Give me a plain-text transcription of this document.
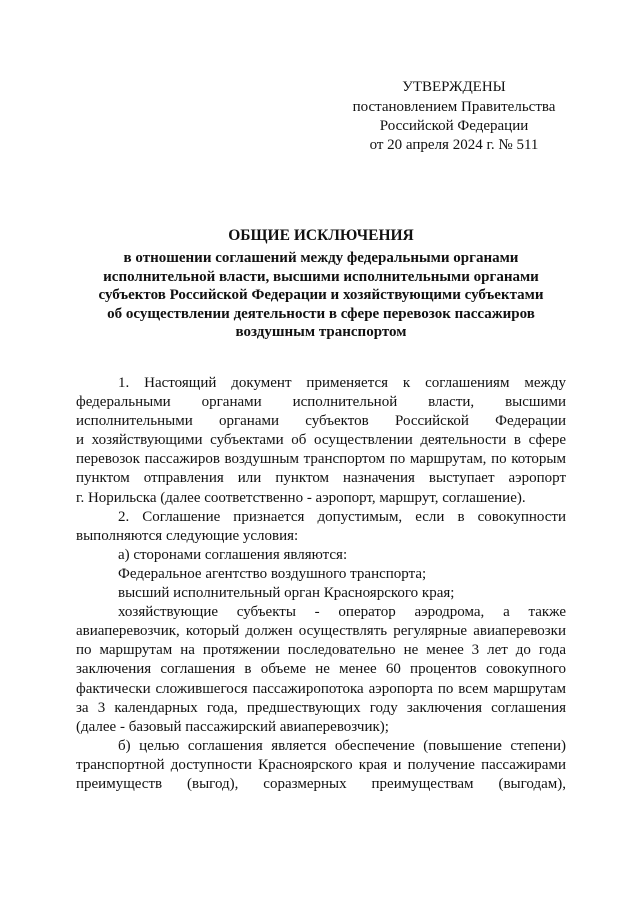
УТВЕРЖДЕНЫ
постановлением Правительства
Российской Федерации
от 20 апреля 2024 г. № 511
ОБЩИЕ ИСКЛЮЧЕНИЯ
в отношении соглашений между федеральными органами
исполнительной власти, высшими исполнительными органами
субъектов Российской Федерации и хозяйствующими субъектами
об осуществлении деятельности в сфере перевозок пассажиров
воздушным транспортом
1. Настоящий документ применяется к соглашениям между
федеральными органами исполнительной власти, высшими
исполнительными органами субъектов Российской Федерации
и хозяйствующими субъектами об осуществлении деятельности в сфере
перевозок пассажиров воздушным транспортом по маршрутам, по которым
пунктом отправления или пунктом назначения выступает аэропорт
г. Норильска (далее соответственно - аэропорт, маршрут, соглашение).
2. Соглашение признается допустимым, если в совокупности
выполняются следующие условия:
а) сторонами соглашения являются:
Федеральное агентство воздушного транспорта;
высший исполнительный орган Красноярского края;
хозяйствующие субъекты - оператор аэродрома, а также
авиаперевозчик, который должен осуществлять регулярные авиаперевозки
по маршрутам на протяжении последовательно не менее 3 лет до года
заключения соглашения в объеме не менее 60 процентов совокупного
фактически сложившегося пассажиропотока аэропорта по всем маршрутам
за 3 календарных года, предшествующих году заключения соглашения
(далее - базовый пассажирский авиаперевозчик);
б) целью соглашения является обеспечение (повышение степени)
транспортной доступности Красноярского края и получение пассажирами
преимуществ (выгод), соразмерных преимуществам (выгодам),
